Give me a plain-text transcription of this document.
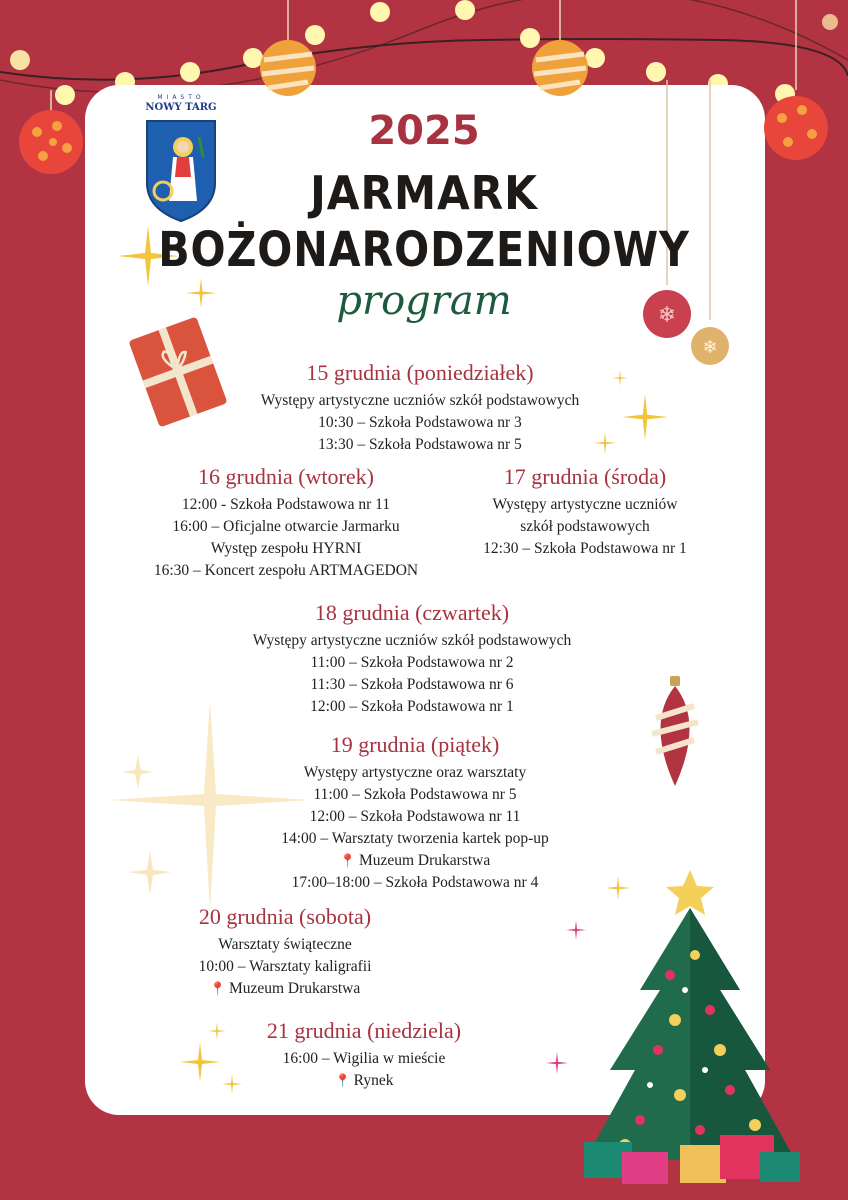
❄
❄
MIASTO
NOWY TARG
2025
JARMARK
BOŻONARODZENIOWY
program
15 grudnia (poniedziałek)
Występy artystyczne uczniów szkół podstawowych
10:30 – Szkoła Podstawowa nr 3
13:30 – Szkoła Podstawowa nr 5
16 grudnia (wtorek)
12:00 - Szkoła Podstawowa nr 11
16:00 – Oficjalne otwarcie Jarmarku
Występ zespołu HYRNI
16:30 – Koncert zespołu ARTMAGEDON
17 grudnia (środa)
Występy artystyczne uczniów
szkół podstawowych
12:30 – Szkoła Podstawowa nr 1
18 grudnia (czwartek)
Występy artystyczne uczniów szkół podstawowych
11:00 – Szkoła Podstawowa nr 2
11:30 – Szkoła Podstawowa nr 6
12:00 – Szkoła Podstawowa nr 1
19 grudnia (piątek)
Występy artystyczne oraz warsztaty
11:00 – Szkoła Podstawowa nr 5
12:00 – Szkoła Podstawowa nr 11
14:00 – Warsztaty tworzenia kartek pop-up
📍 Muzeum Drukarstwa
17:00–18:00 – Szkoła Podstawowa nr 4
20 grudnia (sobota)
Warsztaty świąteczne
10:00 – Warsztaty kaligrafii
📍 Muzeum Drukarstwa
21 grudnia (niedziela)
16:00 – Wigilia w mieście
📍 Rynek
